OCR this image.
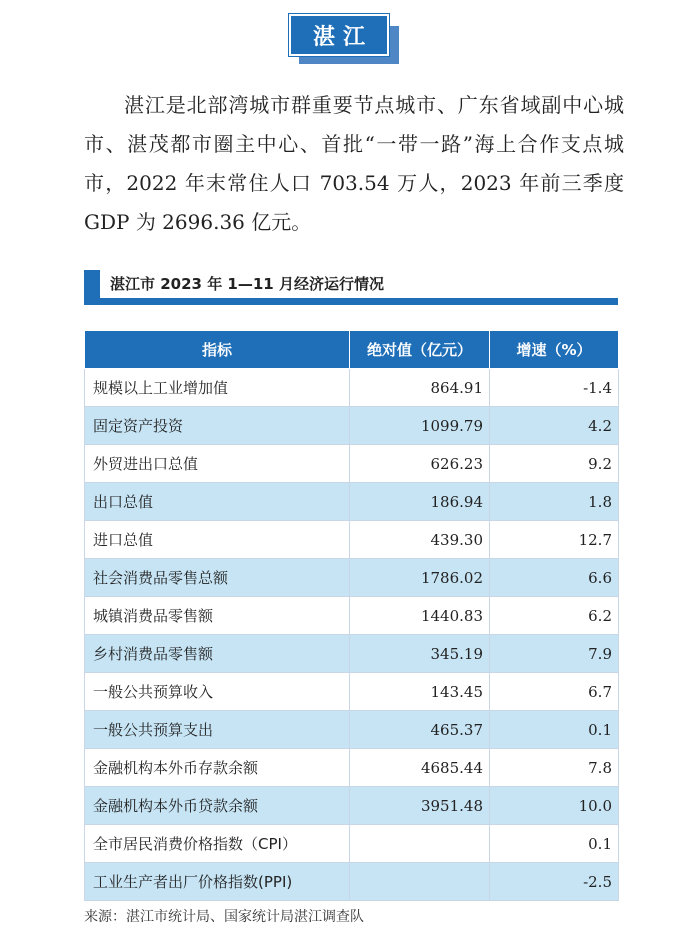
湛江

湛江是北部湾城市群重要节点城市、广东省域副中心城市、湛茂都市圈主中心、首批“一带一路”海上合作支点城市，2022 年末常住人口 703.54 万人，2023 年前三季度 GDP 为 2696.36 亿元。

湛江市 2023 年 1—11 月经济运行情况
指标	绝对值（亿元）	增速（%）
规模以上工业增加值	864.91	-1.4
固定资产投资	1099.79	4.2
外贸进出口总值	626.23	9.2
出口总值	186.94	1.8
进口总值	439.30	12.7
社会消费品零售总额	1786.02	6.6
城镇消费品零售额	1440.83	6.2
乡村消费品零售额	345.19	7.9
一般公共预算收入	143.45	6.7
一般公共预算支出	465.37	0.1
金融机构本外币存款余额	4685.44	7.8
金融机构本外币贷款余额	3951.48	10.0
全市居民消费价格指数（CPI）		0.1
工业生产者出厂价格指数(PPI)		-2.5
来源：湛江市统计局、国家统计局湛江调查队
